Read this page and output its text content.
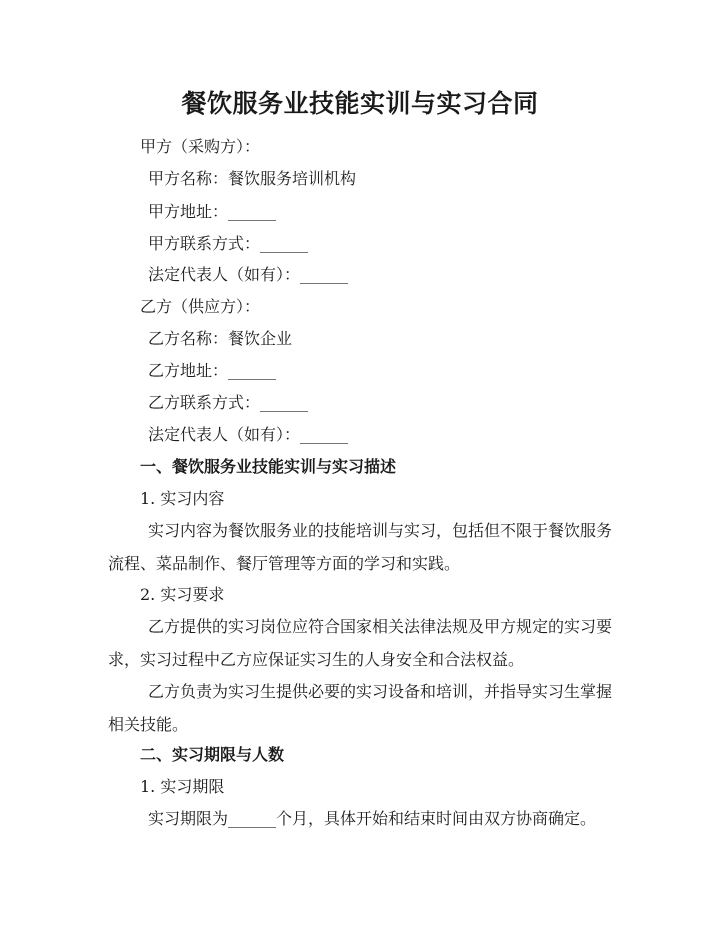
餐饮服务业技能实训与实习合同
甲方（采购方）：
甲方名称：餐饮服务培训机构
甲方地址：______
甲方联系方式：______
法定代表人（如有）：______
乙方（供应方）：
乙方名称：餐饮企业
乙方地址：______
乙方联系方式：______
法定代表人（如有）：______
一、餐饮服务业技能实训与实习描述
1. 实习内容
实习内容为餐饮服务业的技能培训与实习，包括但不限于餐饮服务流程、菜品制作、餐厅管理等方面的学习和实践。
2. 实习要求
乙方提供的实习岗位应符合国家相关法律法规及甲方规定的实习要求，实习过程中乙方应保证实习生的人身安全和合法权益。
乙方负责为实习生提供必要的实习设备和培训，并指导实习生掌握相关技能。
二、实习期限与人数
1. 实习期限
实习期限为______个月，具体开始和结束时间由双方协商确定。
